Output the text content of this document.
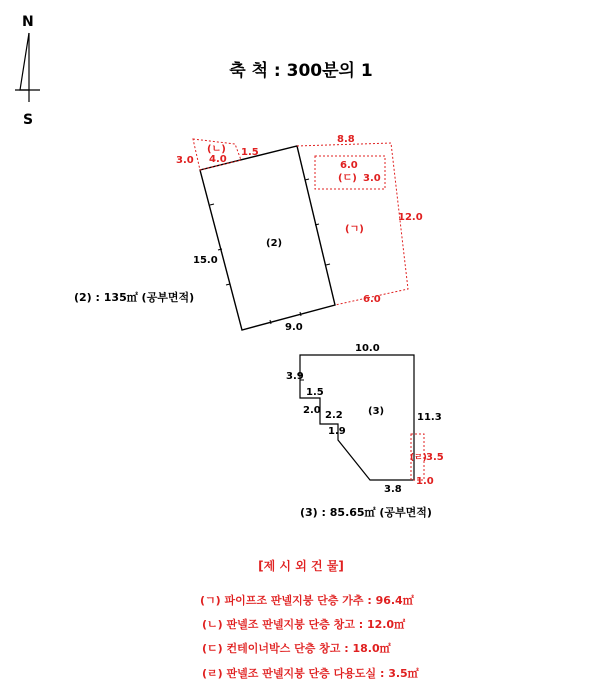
N
S
(2)
15.0
9.0
(ㄴ)
3.0 4.0
1.5
8.8
12.0
6.0
(ㄱ)
6.0
(ㄷ) 3.0
10.0
3.9
1.5
2.0 2.2
1.9
(3)
11.3
3.8
(ㄹ) 3.5
1.0
축 척 : 300분의 1
(2) : 135㎡ (공부면적)
(3) : 85.65㎡ (공부면적)
[제 시 외 건 물]
(ㄱ) 파이프조 판넬지붕 단층 가추 : 96.4㎡
(ㄴ) 판넬조 판넬지붕 단층 창고 : 12.0㎡
(ㄷ) 컨테이너박스 단층 창고 : 18.0㎡
(ㄹ) 판넬조 판넬지붕 단층 다용도실 : 3.5㎡
